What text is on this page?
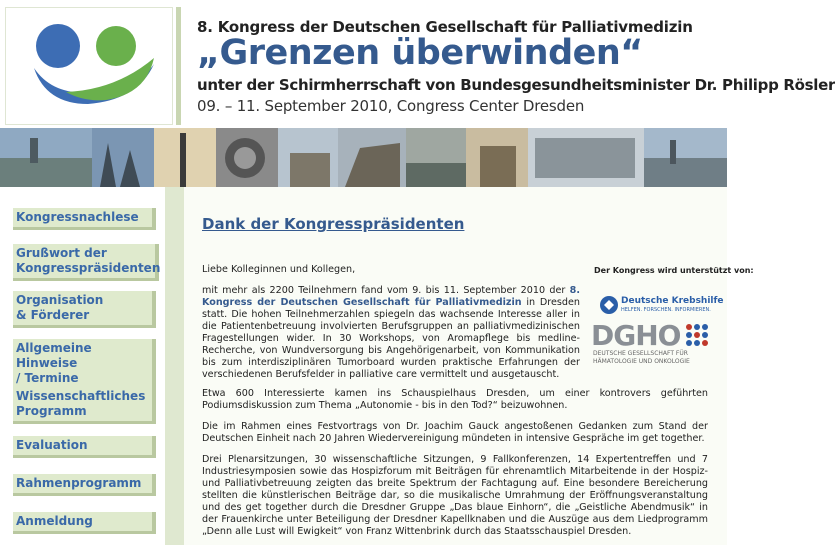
8. Kongress der Deutschen Gesellschaft für Palliativmedizin
„Grenzen überwinden“
unter der Schirmherrschaft von Bundesgesundheitsminister Dr. Philipp Rösler
09. – 11. September 2010, Congress Center Dresden
Kongressnachlese
Grußwort der
Kongresspräsidenten
Organisation
& Förderer
Allgemeine Hinweise
/ Termine
Wissenschaftliches
Programm
Evaluation
Rahmenprogramm
Anmeldung
Dank der Kongresspräsidenten
Liebe Kolleginnen und Kollegen,
mit mehr als 2200 Teilnehmern fand vom 9. bis 11. September 2010 der 8. Kongress der Deutschen Gesellschaft für Palliativmedizin in Dresden statt. Die hohen Teilnehmerzahlen spiegeln das wachsende Interesse aller in die Patientenbetreuung involvierten Berufsgruppen an palliativmedizinischen Fragestellungen wider. In 30 Workshops, von Aromapflege bis medline-Recherche, von Wundversorgung bis Angehörigenarbeit, von Kommunikation bis zum interdisziplinären Tumorboard wurden praktische Erfahrungen der verschiedenen Berufsfelder in palliative care vermittelt und ausgetauscht.
Etwa 600 Interessierte kamen ins Schauspielhaus Dresden, um einer kontrovers geführten Podiumsdiskussion zum Thema „Autonomie - bis in den Tod?“ beizuwohnen.
Die im Rahmen eines Festvortrags von Dr. Joachim Gauck angestoßenen Gedanken zum Stand der Deutschen Einheit nach 20 Jahren Wiedervereinigung mündeten in intensive Gespräche im get together.
Drei Plenarsitzungen, 30 wissenschaftliche Sitzungen, 9 Fallkonferenzen, 14 Expertentreffen und 7 Industriesymposien sowie das Hospizforum mit Beiträgen für ehrenamtlich Mitarbeitende in der Hospiz- und Palliativbetreuung zeigten das breite Spektrum der Fachtagung auf. Eine besondere Bereicherung stellten die künstlerischen Beiträge dar, so die musikalische Umrahmung der Eröffnungsveranstaltung und des get together durch die Dresdner Gruppe „Das blaue Einhorn“, die „Geistliche Abendmusik“ in der Frauenkirche unter Beteiligung der Dresdner Kapellknaben und die Auszüge aus dem Liedprogramm „Denn alle Lust will Ewigkeit“ von Franz Wittenbrink durch das Staatsschauspiel Dresden.
Der Kongress wird unterstützt von:
Deutsche Krebshilfe
HELFEN. FORSCHEN. INFORMIEREN.
DGHO
DEUTSCHE GESELLSCHAFT FÜR
HÄMATOLOGIE UND ONKOLOGIE
